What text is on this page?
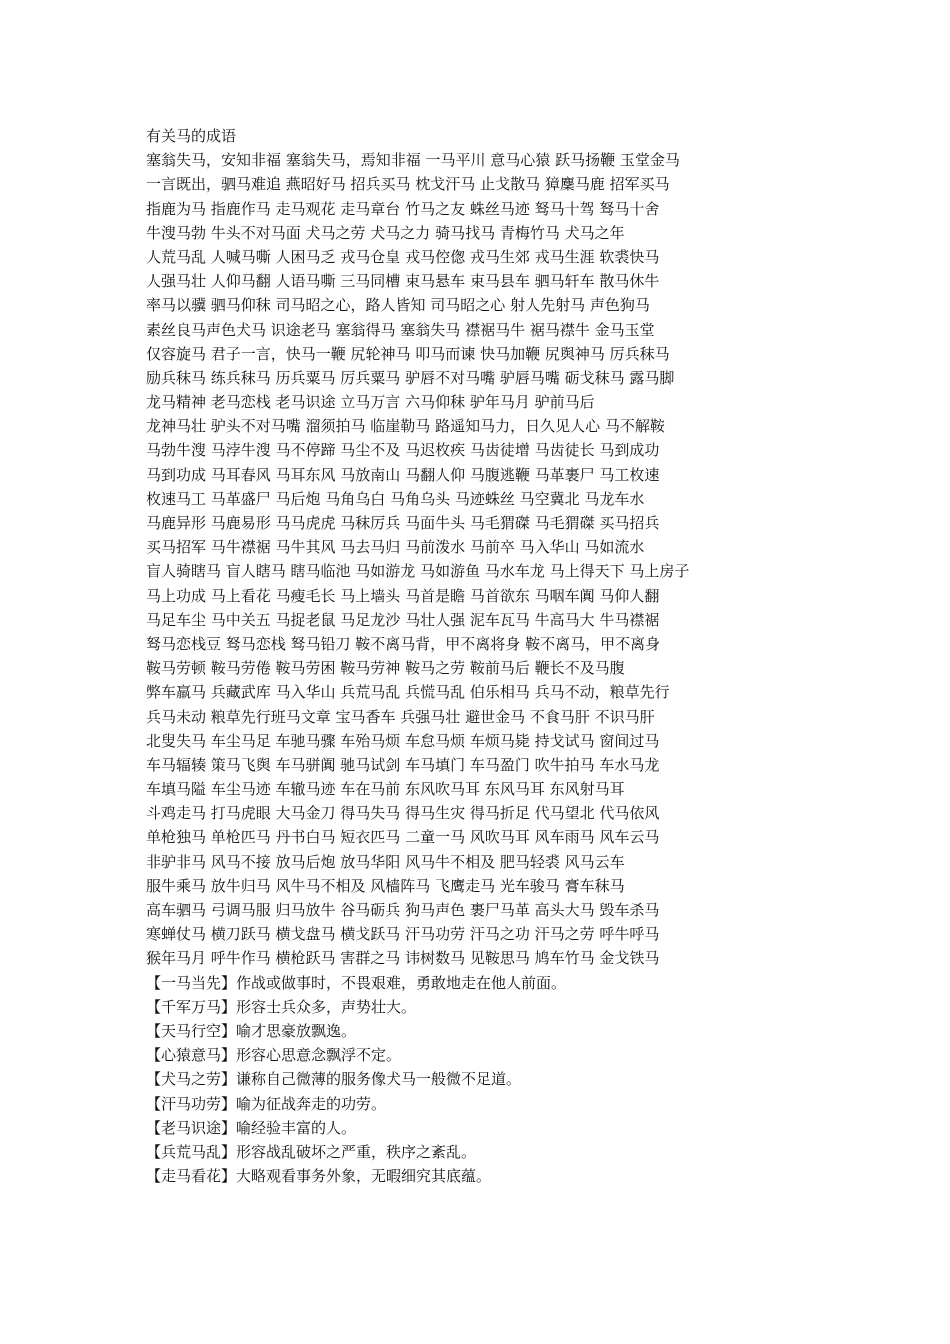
有关马的成语
塞翁失马，安知非福 塞翁失马，焉知非福 一马平川 意马心猿 跃马扬鞭 玉堂金马
一言既出，驷马难追 燕昭好马 招兵买马 枕戈汗马 止戈散马 獐麇马鹿 招军买马
指鹿为马 指鹿作马 走马观花 走马章台 竹马之友 蛛丝马迹 驽马十驾 驽马十舍
牛溲马勃 牛头不对马面 犬马之劳 犬马之力 骑马找马 青梅竹马 犬马之年
人荒马乱 人喊马嘶 人困马乏 戎马仓皇 戎马倥偬 戎马生郊 戎马生涯 软裘快马
人强马壮 人仰马翻 人语马嘶 三马同槽 束马悬车 束马县车 驷马轩车 散马休牛
率马以骥 驷马仰秣 司马昭之心，路人皆知 司马昭之心 射人先射马 声色狗马
素丝良马声色犬马 识途老马 塞翁得马 塞翁失马 襟裾马牛 裾马襟牛 金马玉堂
仅容旋马 君子一言，快马一鞭 尻轮神马 叩马而谏 快马加鞭 尻舆神马 厉兵秣马
励兵秣马 练兵秣马 历兵粟马 厉兵粟马 驴唇不对马嘴 驴唇马嘴 砺戈秣马 露马脚
龙马精神 老马恋栈 老马识途 立马万言 六马仰秣 驴年马月 驴前马后
龙神马壮 驴头不对马嘴 溜须拍马 临崖勒马 路遥知马力，日久见人心 马不解鞍
马勃牛溲 马浡牛溲 马不停蹄 马尘不及 马迟枚疾 马齿徒增 马齿徒长 马到成功
马到功成 马耳春风 马耳东风 马放南山 马翻人仰 马腹逃鞭 马革裹尸 马工枚速
枚速马工 马革盛尸 马后炮 马角乌白 马角乌头 马迹蛛丝 马空冀北 马龙车水
马鹿异形 马鹿易形 马马虎虎 马秣厉兵 马面牛头 马毛猬磔 马毛猬磔 买马招兵
买马招军 马牛襟裾 马牛其风 马去马归 马前泼水 马前卒 马入华山 马如流水
盲人骑瞎马 盲人瞎马 瞎马临池 马如游龙 马如游鱼 马水车龙 马上得天下 马上房子
马上功成 马上看花 马瘦毛长 马上墙头 马首是瞻 马首欲东 马咽车阗 马仰人翻
马足车尘 马中关五 马捉老鼠 马足龙沙 马壮人强 泥车瓦马 牛高马大 牛马襟裾
驽马恋栈豆 驽马恋栈 驽马铅刀 鞍不离马背，甲不离将身 鞍不离马，甲不离身
鞍马劳顿 鞍马劳倦 鞍马劳困 鞍马劳神 鞍马之劳 鞍前马后 鞭长不及马腹
弊车羸马 兵藏武库 马入华山 兵荒马乱 兵慌马乱 伯乐相马 兵马不动，粮草先行
兵马未动 粮草先行班马文章 宝马香车 兵强马壮 避世金马 不食马肝 不识马肝
北叟失马 车尘马足 车驰马骤 车殆马烦 车怠马烦 车烦马毙 持戈试马 窗间过马
车马辐辏 策马飞舆 车马骈阗 驰马试剑 车马填门 车马盈门 吹牛拍马 车水马龙
车填马隘 车尘马迹 车辙马迹 车在马前 东风吹马耳 东风马耳 东风射马耳
斗鸡走马 打马虎眼 大马金刀 得马失马 得马生灾 得马折足 代马望北 代马依风
单枪独马 单枪匹马 丹书白马 短衣匹马 二童一马 风吹马耳 风车雨马 风车云马
非驴非马 风马不接 放马后炮 放马华阳 风马牛不相及 肥马轻裘 风马云车
服牛乘马 放牛归马 风牛马不相及 风樯阵马 飞鹰走马 光车骏马 膏车秣马
高车驷马 弓调马服 归马放牛 谷马砺兵 狗马声色 裹尸马革 高头大马 毁车杀马
寒蝉仗马 横刀跃马 横戈盘马 横戈跃马 汗马功劳 汗马之功 汗马之劳 呼牛呼马
猴年马月 呼牛作马 横枪跃马 害群之马 讳树数马 见鞍思马 鸠车竹马 金戈铁马
【一马当先】作战或做事时，不畏艰难，勇敢地走在他人前面。
【千军万马】形容士兵众多，声势壮大。
【天马行空】喻才思豪放飘逸。
【心猿意马】形容心思意念飘浮不定。
【犬马之劳】谦称自己微薄的服务像犬马一般微不足道。
【汗马功劳】喻为征战奔走的功劳。
【老马识途】喻经验丰富的人。
【兵荒马乱】形容战乱破坏之严重，秩序之紊乱。
【走马看花】大略观看事务外象，无暇细究其底蕴。
